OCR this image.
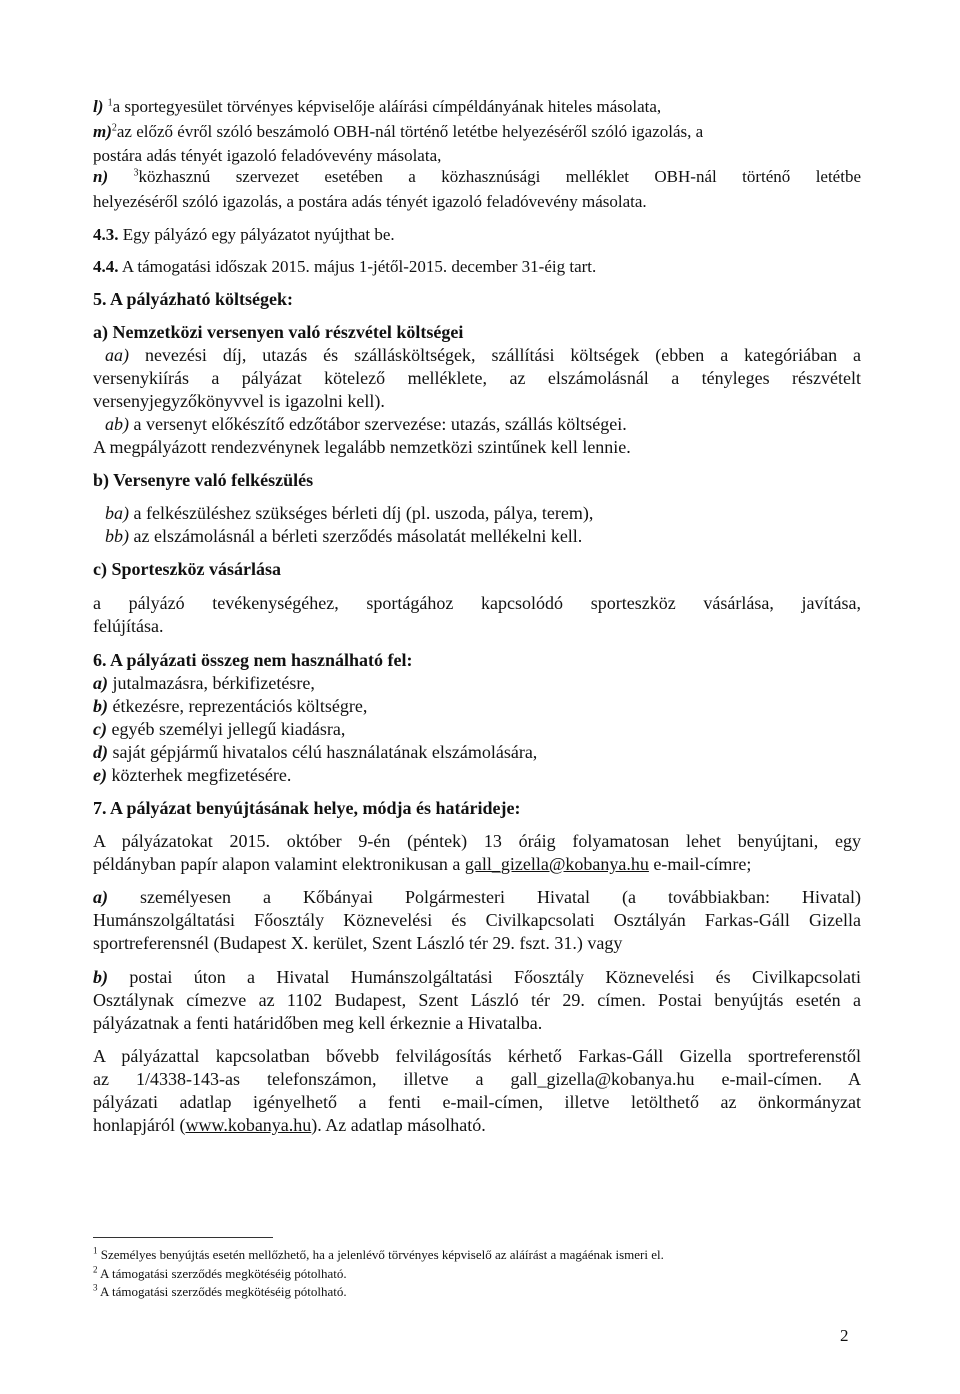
l) $^1$a sportegyesület törvényes képviselője aláírási címpéldányának hiteles másolata,
m)$^2$az előző évről szóló beszámoló OBH-nál történő letétbe helyezéséről szóló igazolás, a
postára adás tényét igazoló feladóvevény másolata,
n)	$^3$közhasznú szervezet esetében a közhasznúsági melléklet OBH-nál történő letétbe
helyezéséről szóló igazolás, a postára adás tényét igazoló feladóvevény másolata.
4.3. Egy pályázó egy pályázatot nyújthat be.
4.4. A támogatási időszak 2015. május 1-jétől-2015. december 31-éig tart.
5. A pályázható költségek:
a) Nemzetközi versenyen való részvétel költségei
aa) nevezési díj, utazás és szállásköltségek, szállítási költségek (ebben a kategóriában a
versenykiírás a pályázat kötelező melléklete, az elszámolásnál a tényleges részvételt
versenyjegyzőkönyvvel is igazolni kell).
ab) a versenyt előkészítő edzőtábor szervezése: utazás, szállás költségei.
A megpályázott rendezvénynek legalább nemzetközi szintűnek kell lennie.
b) Versenyre való felkészülés
ba) a felkészüléshez szükséges bérleti díj (pl. uszoda, pálya, terem),
bb) az elszámolásnál a bérleti szerződés másolatát mellékelni kell.
c) Sporteszköz vásárlása
a pályázó tevékenységéhez, sportágához kapcsolódó sporteszköz vásárlása, javítása,
felújítása.
6. A pályázati összeg nem használható fel:
a) jutalmazásra, bérkifizetésre,
b) étkezésre, reprezentációs költségre,
c) egyéb személyi jellegű kiadásra,
d) saját gépjármű hivatalos célú használatának elszámolására,
e) közterhek megfizetésére.
7. A pályázat benyújtásának helye, módja és határideje:
A pályázatokat 2015. október 9-én (péntek) 13 óráig folyamatosan lehet benyújtani, egy
példányban papír alapon valamint elektronikusan a gall_gizella@kobanya.hu e-mail-címre;
a) személyesen a Kőbányai Polgármesteri Hivatal (a továbbiakban: Hivatal)
Humánszolgáltatási Főosztály Köznevelési és Civilkapcsolati Osztályán Farkas-Gáll Gizella
sportreferensnél (Budapest X. kerület, Szent László tér 29. fszt. 31.) vagy
b) postai úton a Hivatal Humánszolgáltatási Főosztály Köznevelési és Civilkapcsolati
Osztálynak címezve az 1102 Budapest, Szent László tér 29. címen. Postai benyújtás esetén a
pályázatnak a fenti határidőben meg kell érkeznie a Hivatalba.
A pályázattal kapcsolatban bővebb felvilágosítás kérhető Farkas-Gáll Gizella sportreferenstől
az 1/4338-143-as telefonszámon, illetve a gall_gizella@kobanya.hu e-mail-címen. A
pályázati adatlap igényelhető a fenti e-mail-címen, illetve letölthető az önkormányzat
honlapjáról (www.kobanya.hu). Az adatlap másolható.
$^1$ Személyes benyújtás esetén mellőzhető, ha a jelenlévő törvényes képviselő az aláírást a magáénak ismeri el.
$^2$ A támogatási szerződés megkötéséig pótolható.
$^3$ A támogatási szerződés megkötéséig pótolható.
2
